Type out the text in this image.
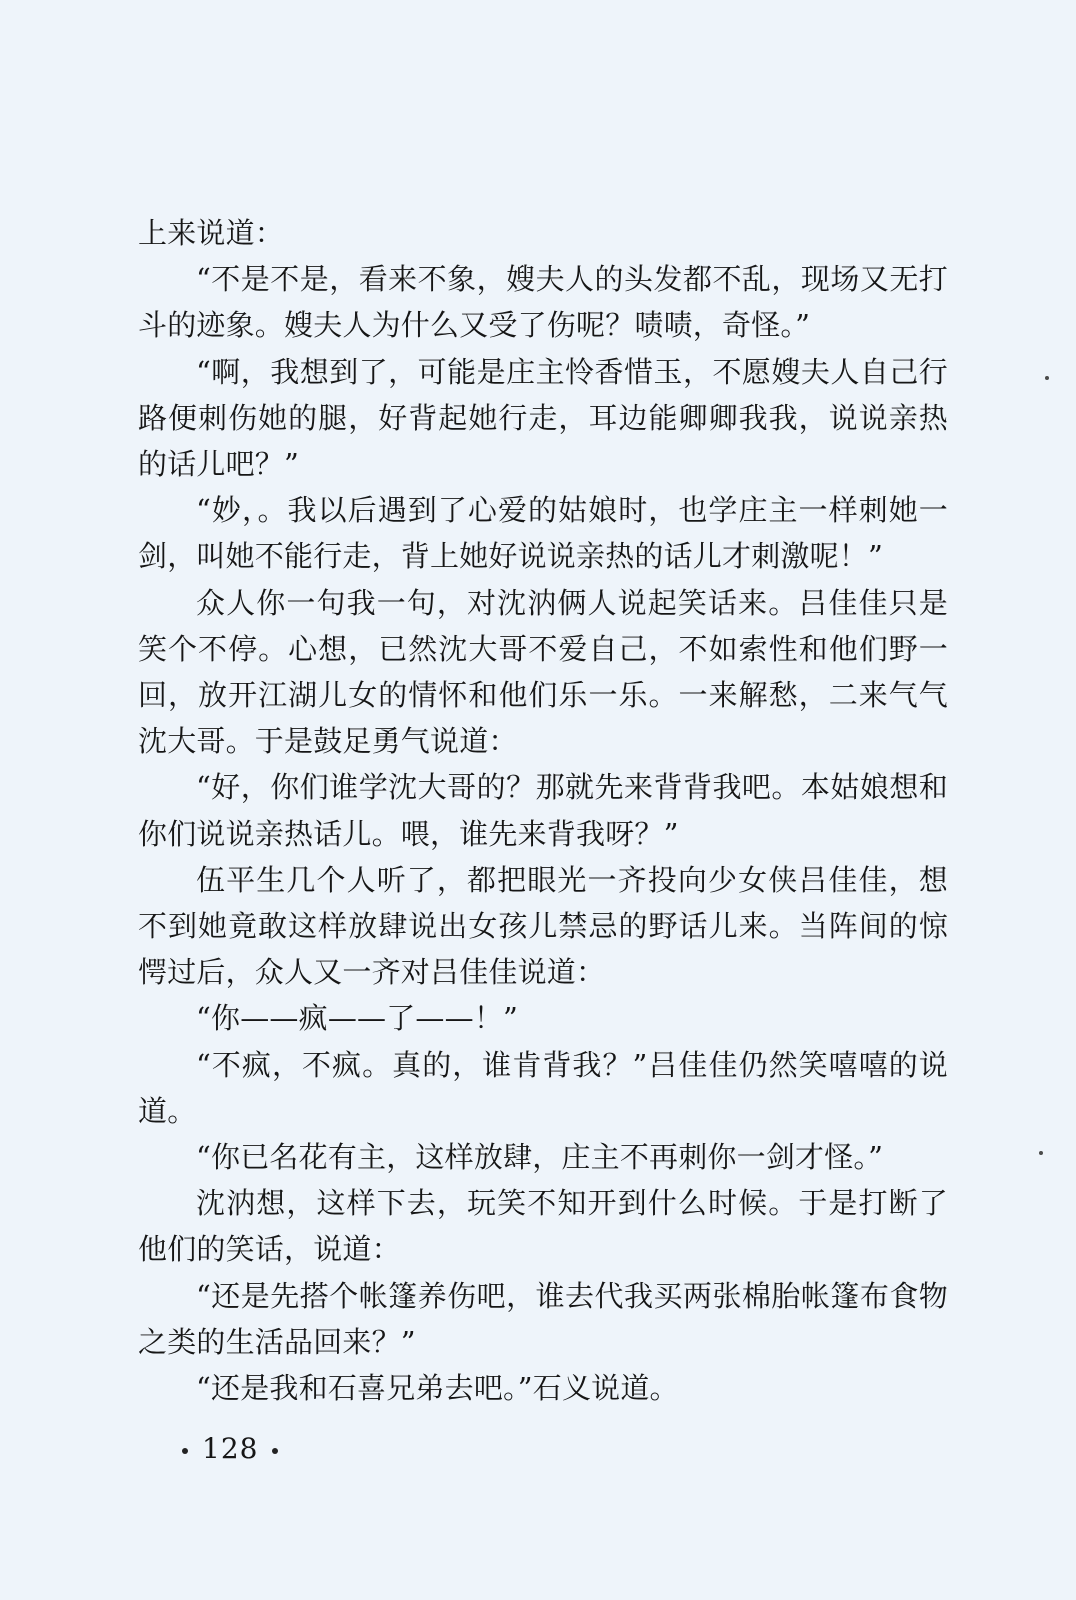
上来说道：

“不是不是，看来不象，嫂夫人的头发都不乱，现场又无打斗的迹象。嫂夫人为什么又受了伤呢？啧啧，奇怪。”

“啊，我想到了，可能是庄主怜香惜玉，不愿嫂夫人自己行路便刺伤她的腿，好背起她行走，耳边能卿卿我我，说说亲热的话儿吧？”

“妙，。我以后遇到了心爱的姑娘时，也学庄主一样刺她一剑，叫她不能行走，背上她好说说亲热的话儿才刺激呢！”

众人你一句我一句，对沈汭俩人说起笑话来。吕佳佳只是笑个不停。心想，已然沈大哥不爱自己，不如索性和他们野一回，放开江湖儿女的情怀和他们乐一乐。一来解愁，二来气气沈大哥。于是鼓足勇气说道：

“好，你们谁学沈大哥的？那就先来背背我吧。本姑娘想和你们说说亲热话儿。喂，谁先来背我呀？”

伍平生几个人听了，都把眼光一齐投向少女侠吕佳佳，想不到她竟敢这样放肆说出女孩儿禁忌的野话儿来。当阵间的惊愕过后，众人又一齐对吕佳佳说道：

“你——疯——了——！”

“不疯，不疯。真的，谁肯背我？”吕佳佳仍然笑嘻嘻的说道。

“你已名花有主，这样放肆，庄主不再刺你一剑才怪。”

沈汭想，这样下去，玩笑不知开到什么时候。于是打断了他们的笑话，说道：

“还是先搭个帐篷养伤吧，谁去代我买两张棉胎帐篷布食物之类的生活品回来？”

“还是我和石喜兄弟去吧。”石义说道。

128
